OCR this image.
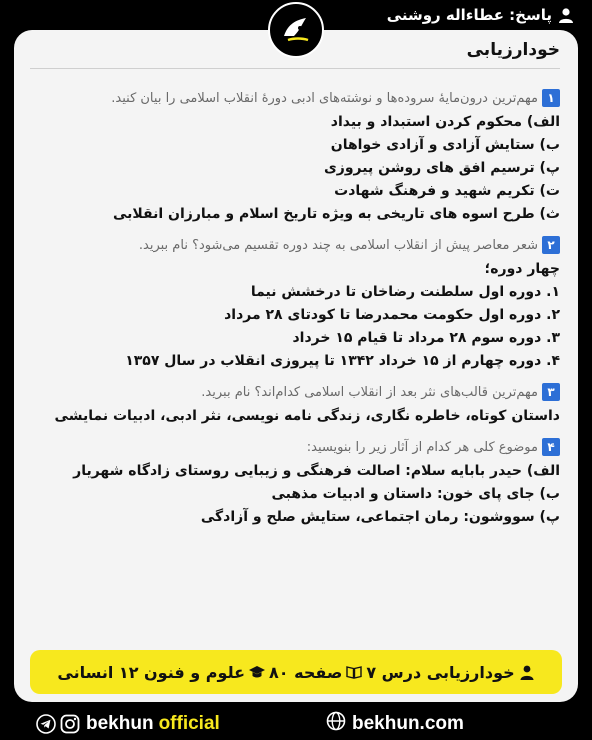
پاسخ: عطاءاله روشنی
خودارزیابی
۱
مهم‌ترین درون‌مایهٔ سروده‌ها و نوشته‌های ادبی دورهٔ انقلاب اسلامی را بیان کنید.
الف) محکوم کردن استبداد و بیداد
ب) ستایش آزادی و آزادی خواهان
پ) ترسیم افق های روشن پیروزی
ت) تکریم شهید و فرهنگ شهادت
ث) طرح اسوه های تاریخی به ویژه تاریخ اسلام و مبارزان انقلابی
۲
شعر معاصر پیش از انقلاب اسلامی به چند دوره تقسیم می‌شود؟ نام ببرید.
چهار دوره؛
۱. دوره اول سلطنت رضاخان تا درخشش نیما
۲. دوره اول حکومت محمدرضا تا کودتای ۲۸ مرداد
۳. دوره سوم ۲۸ مرداد تا قیام ۱۵ خرداد
۴. دوره چهارم از ۱۵ خرداد ۱۳۴۲ تا پیروزی انقلاب در سال ۱۳۵۷
۳
مهم‌ترین قالب‌های نثر بعد از انقلاب اسلامی کدام‌اند؟ نام ببرید.
داستان کوتاه، خاطره نگاری، زندگی نامه نویسی، نثر ادبی، ادبیات نمایشی
۴
موضوع کلی هر کدام از آثار زیر را بنویسید:
الف) حیدر بابایه سلام: اصالت فرهنگی و زیبایی روستای زادگاه شهریار
ب) جای پای خون: داستان و ادبیات مذهبی
پ) سووشون: رمان اجتماعی، ستایش صلح و آزادگی
خودارزیابی درس ۷
صفحه ۸۰
علوم و فنون ۱۲ انسانی
bekhun official	bekhun.com
